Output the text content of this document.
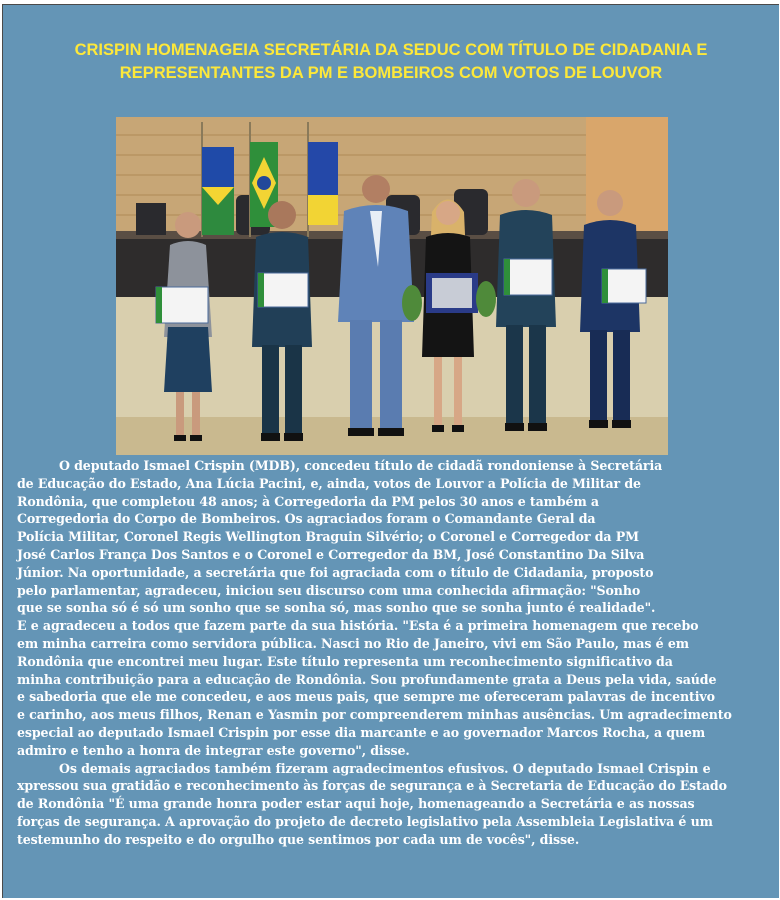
CRISPIN HOMENAGEIA SECRETÁRIA DA SEDUC COM TÍTULO DE CIDADANIA E
REPRESENTANTES DA PM E BOMBEIROS COM VOTOS DE LOUVOR

O deputado Ismael Crispin (MDB), concedeu título de cidadã rondoniense à Secretária
de Educação do Estado, Ana Lúcia Pacini, e, ainda, votos de Louvor a Polícia de Militar de
Rondônia, que completou 48 anos; à Corregedoria da PM pelos 30 anos e também a
Corregedoria do Corpo de Bombeiros. Os agraciados foram o Comandante Geral da
Polícia Militar, Coronel Regis Wellington Braguin Silvério; o Coronel e Corregedor da PM
José Carlos França Dos Santos e o Coronel e Corregedor da BM, José Constantino Da Silva
Júnior. Na oportunidade, a secretária que foi agraciada com o título de Cidadania, proposto
pelo parlamentar, agradeceu, iniciou seu discurso com uma conhecida afirmação: "Sonho
que se sonha só é só um sonho que se sonha só, mas sonho que se sonha junto é realidade".
E e agradeceu a todos que fazem parte da sua história. "Esta é a primeira homenagem que recebo
em minha carreira como servidora pública. Nasci no Rio de Janeiro, vivi em São Paulo, mas é em
Rondônia que encontrei meu lugar. Este título representa um reconhecimento significativo da
minha contribuição para a educação de Rondônia. Sou profundamente grata a Deus pela vida, saúde
e sabedoria que ele me concedeu, e aos meus pais, que sempre me ofereceram palavras de incentivo
e carinho, aos meus filhos, Renan e Yasmin por compreenderem minhas ausências. Um agradecimento
especial ao deputado Ismael Crispin por esse dia marcante e ao governador Marcos Rocha, a quem
admiro e tenho a honra de integrar este governo", disse.

Os demais agraciados também fizeram agradecimentos efusivos. O deputado Ismael Crispin e
xpressou sua gratidão e reconhecimento às forças de segurança e à Secretaria de Educação do Estado
de Rondônia "É uma grande honra poder estar aqui hoje, homenageando a Secretária e as nossas
forças de segurança. A aprovação do projeto de decreto legislativo pela Assembleia Legislativa é um
testemunho do respeito e do orgulho que sentimos por cada um de vocês", disse.
